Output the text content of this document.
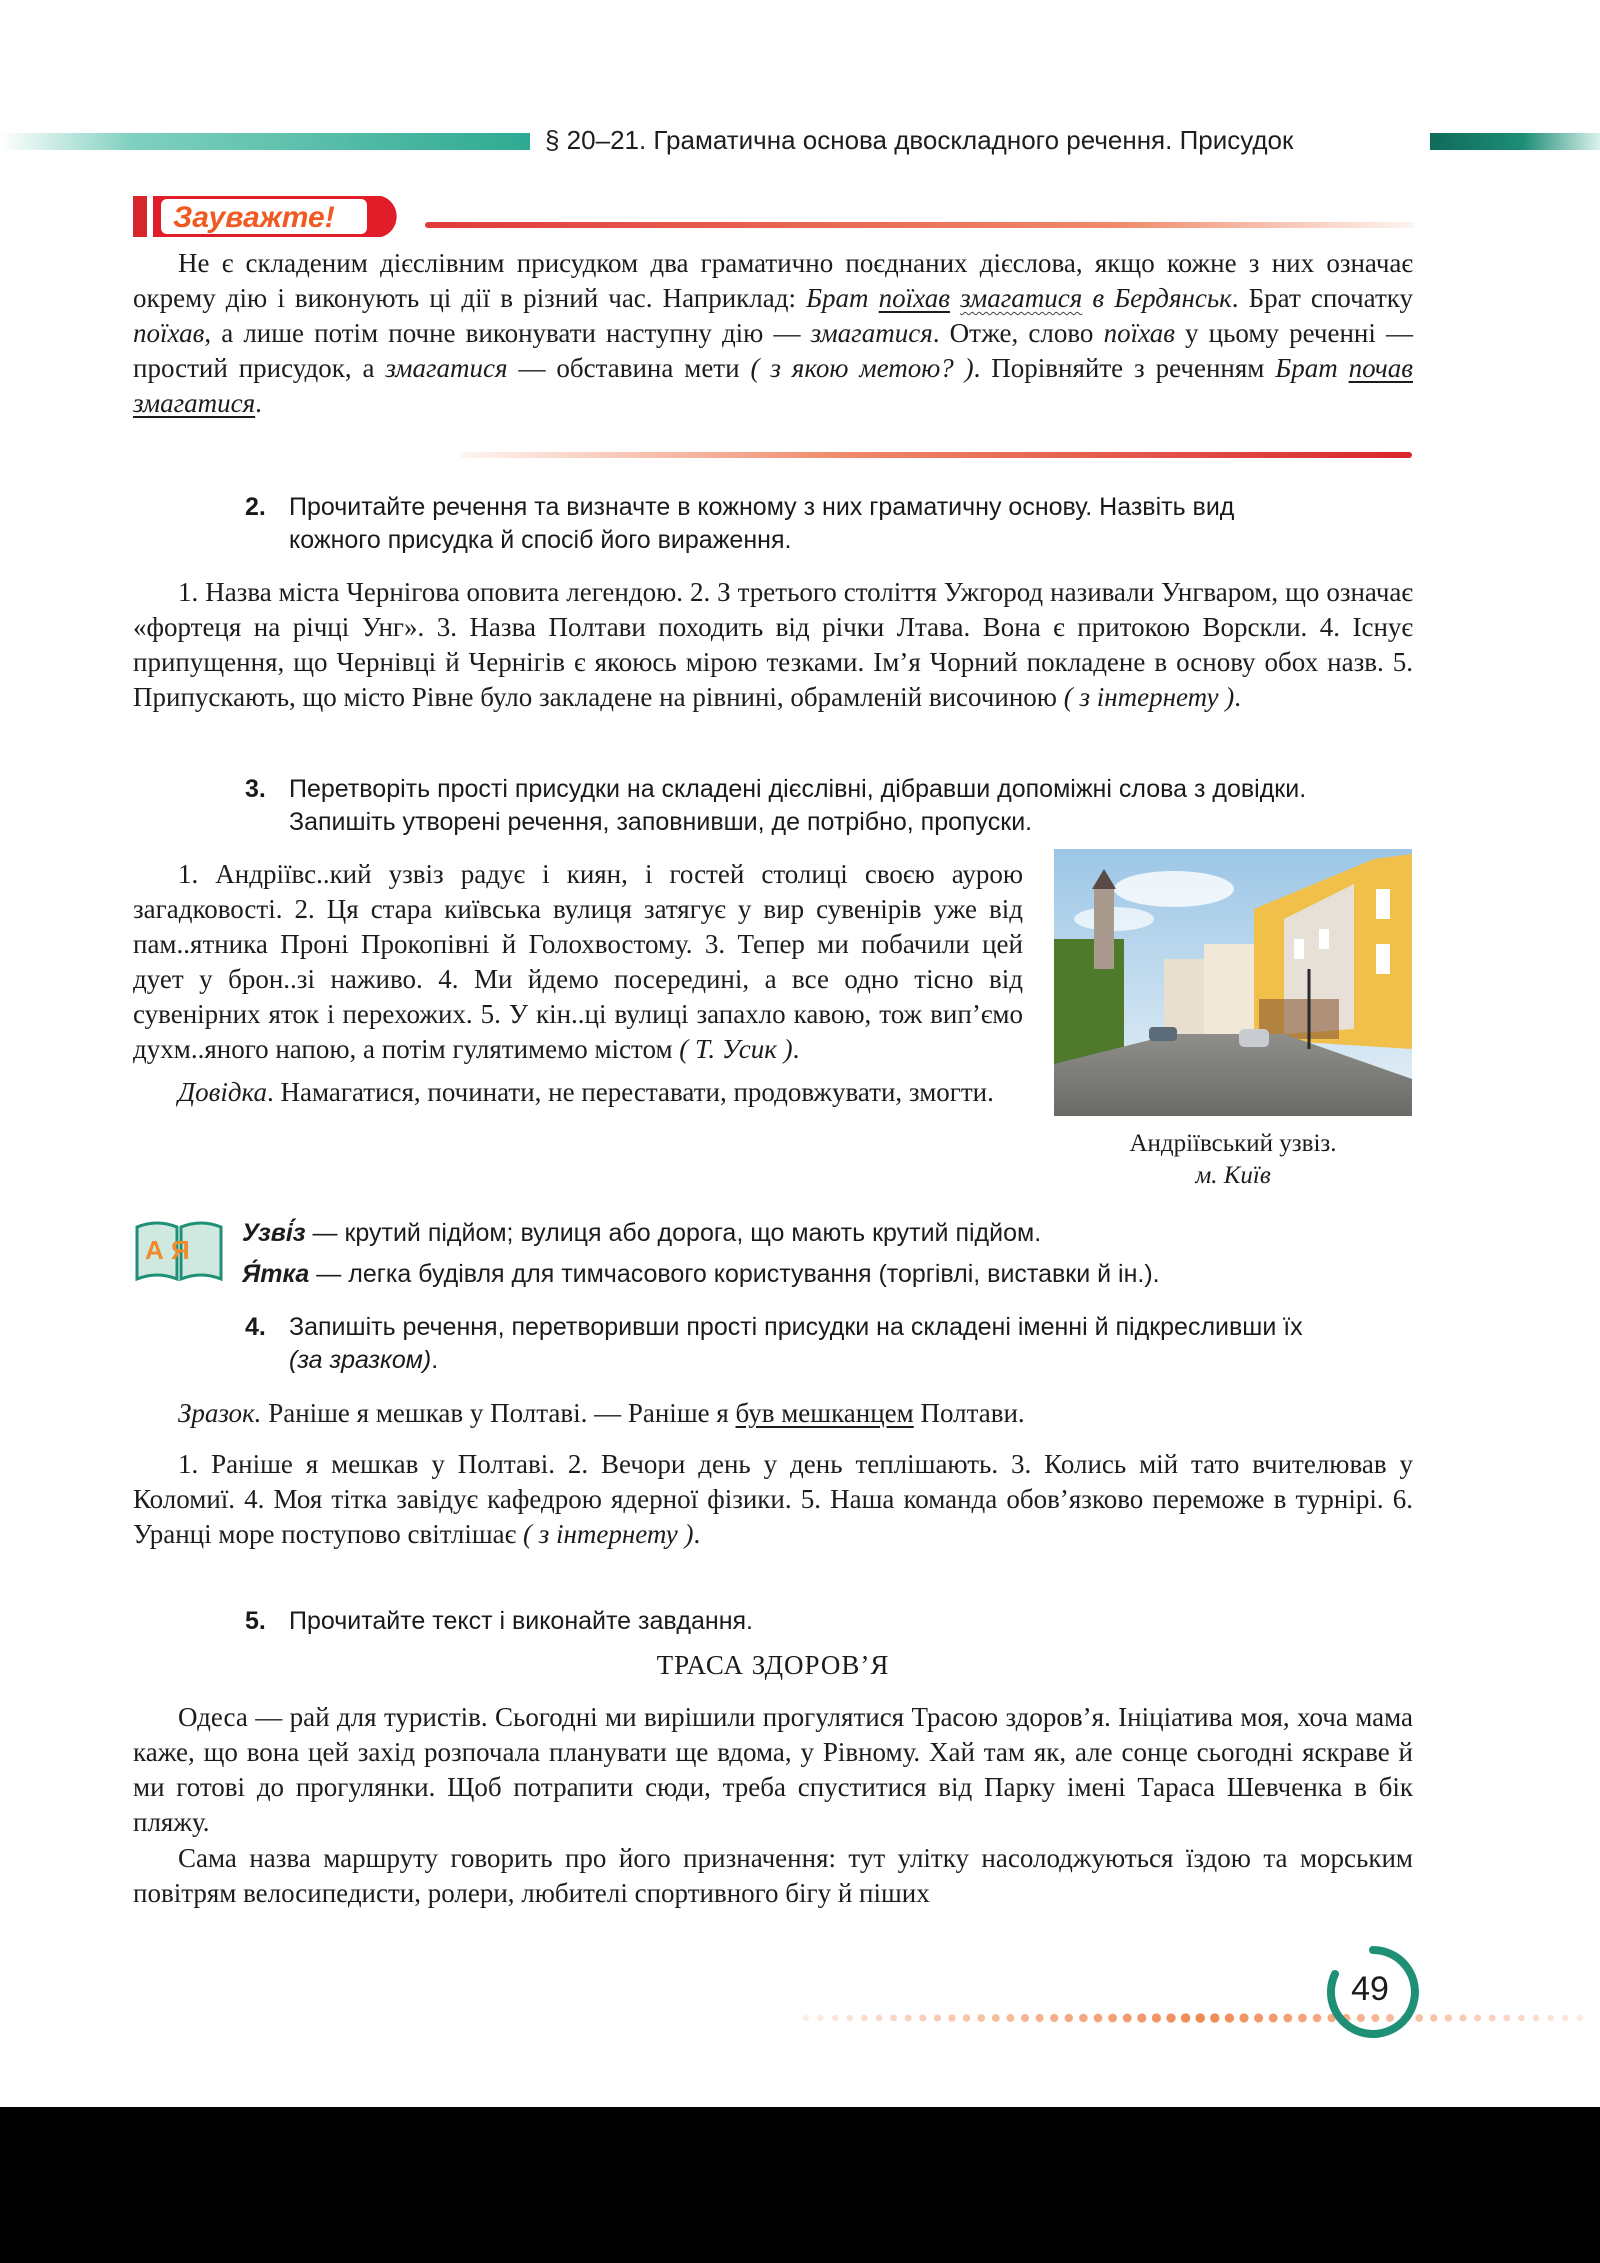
§ 20–21. Граматична основа двоскладного речення. Присудок
Зауважте!

Не є складеним дієслівним присудком два граматично поєднаних дієслова, якщо кожне з них означає окрему дію і виконують ці дії в різний час. Наприклад: Брат поїхав змагатися в Бердянськ. Брат спочатку поїхав, а лише потім почне виконувати наступну дію — змагатися. Отже, слово поїхав у цьому реченні — простий присудок, а змагатися — обставина мети ( з якою метою? ). Порівняйте з реченням Брат почав змагатися.

2. Прочитайте речення та визначте в кожному з них граматичну основу. Назвіть вид кожного присудка й спосіб його вираження.

1. Назва міста Чернігова оповита легендою. 2. З третього століття Ужгород називали Унгваром, що означає «фортеця на річці Унг». 3. Назва Полтави походить від річки Лтава. Вона є притокою Ворскли. 4. Існує припущення, що Чернівці й Чернігів є якоюсь мірою тезками. Ім’я Чорний покладене в основу обох назв. 5. Припускають, що місто Рівне було закладене на рівнині, обрамленій височиною ( з інтернету ).

3. Перетворіть прості присудки на складені дієслівні, дібравши допоміжні слова з довідки. Запишіть утворені речення, заповнивши, де потрібно, пропуски.

1. Андріївс..кий узвіз радує і киян, і гостей столиці своєю аурою загадковості. 2. Ця стара київська вулиця затягує у вир сувенірів уже від пам..ятника Проні Прокопівні й Голохвостому. 3. Тепер ми побачили цей дует у брон..зі наживо. 4. Ми йдемо посередині, а все одно тісно від сувенірних яток і перехожих. 5. У кін..ці вулиці запахло кавою, тож вип’ємо духм..яного напою, а потім гулятимемо містом ( Т. Усик ).

Довідка. Намагатися, починати, не переставати, продовжувати, змогти.

Андріївський узвіз.
м. Київ
А Я
Узві́з — крутий підйом; вулиця або дорога, що мають крутий підйом.
Я́тка — легка будівля для тимчасового користування (торгівлі, виставки й ін.).
4. Запишіть речення, перетворивши прості присудки на складені іменні й підкресливши їх (за зразком).

Зразок. Раніше я мешкав у Полтаві. — Раніше я був мешканцем Полтави.

1. Раніше я мешкав у Полтаві. 2. Вечори день у день теплішають. 3. Колись мій тато вчителював у Коломиї. 4. Моя тітка завідує кафедрою ядерної фізики. 5. Наша команда обов’язково переможе в турнірі. 6. Уранці море поступово світлішає ( з інтернету ).

5. Прочитайте текст і виконайте завдання.
ТРАСА ЗДОРОВ’Я

Одеса — рай для туристів. Сьогодні ми вирішили прогулятися Трасою здоров’я. Ініціатива моя, хоча мама каже, що вона цей захід розпочала планувати ще вдома, у Рівному. Хай там як, але сонце сьогодні яскраве й ми готові до прогулянки. Щоб потрапити сюди, треба спуститися від Парку імені Тараса Шевченка в бік пляжу.

Сама назва маршруту говорить про його призначення: тут улітку насолоджуються їздою та морським повітрям велосипедисти, ролери, любителі спортивного бігу й піших

49
